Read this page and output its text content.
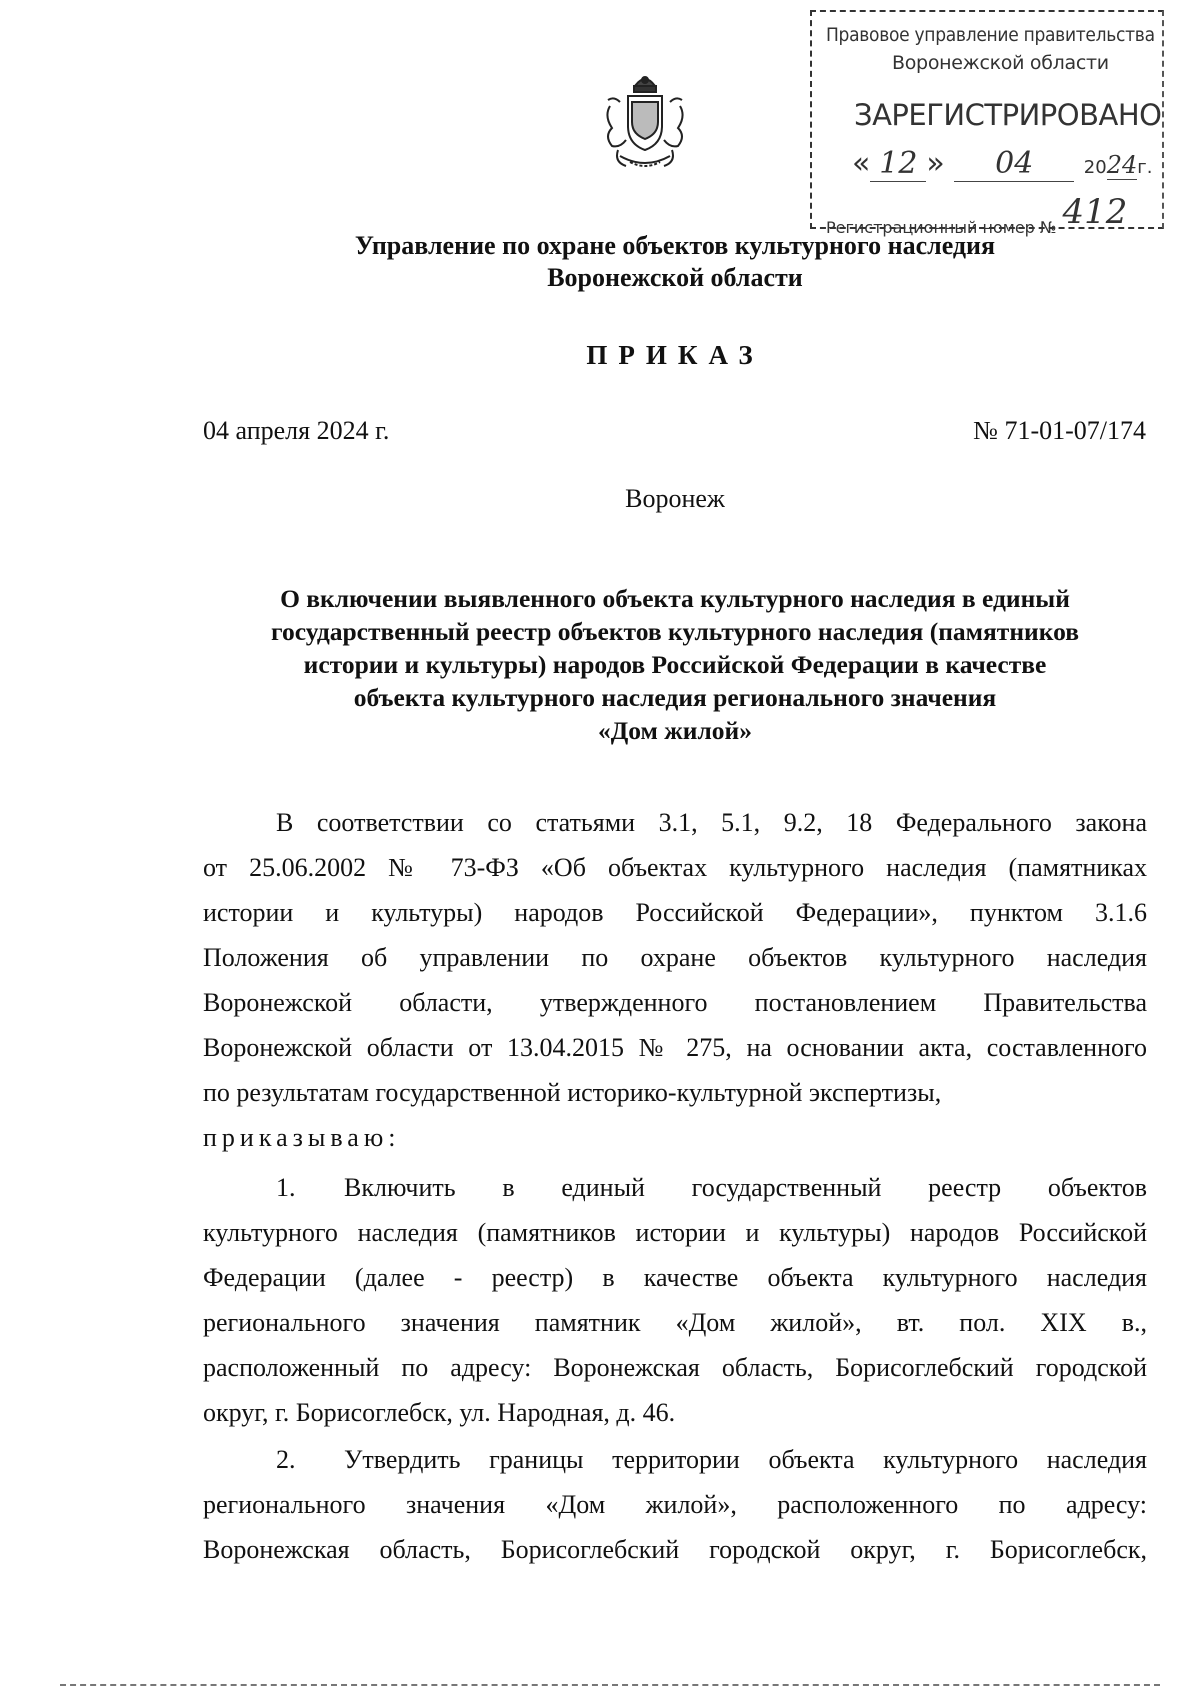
Правовое управление правительства
Воронежской области
ЗАРЕГИСТРИРОВАНО
« 12 » 04	2024г.
Регистрационный номер № 412
Управление по охране объектов культурного наследия
Воронежской области
ПРИКАЗ
04 апреля 2024 г.	№ 71-01-07/174
Воронеж
О включении выявленного объекта культурного наследия в единый
государственный реестр объектов культурного наследия (памятников
истории и культуры) народов Российской Федерации в качестве
объекта культурного наследия регионального значения
«Дом жилой»
В соответствии со статьями 3.1, 5.1, 9.2, 18 Федерального закона
от 25.06.2002 № 73-ФЗ «Об объектах культурного наследия (памятниках
истории и культуры) народов Российской Федерации», пунктом 3.1.6
Положения об управлении по охране объектов культурного наследия
Воронежской области, утвержденного постановлением Правительства
Воронежской области от 13.04.2015 № 275, на основании акта, составленного
по результатам государственной историко-культурной экспертизы,
приказываю:
1. Включить в единый государственный реестр объектов
культурного наследия (памятников истории и культуры) народов Российской
Федерации (далее - реестр) в качестве объекта культурного наследия
регионального значения памятник «Дом жилой», вт. пол. XIX в.,
расположенный по адресу: Воронежская область, Борисоглебский городской
округ, г. Борисоглебск, ул. Народная, д. 46.
2. Утвердить границы территории объекта культурного наследия
регионального значения «Дом жилой», расположенного по адресу:
Воронежская область, Борисоглебский городской округ, г. Борисоглебск,
